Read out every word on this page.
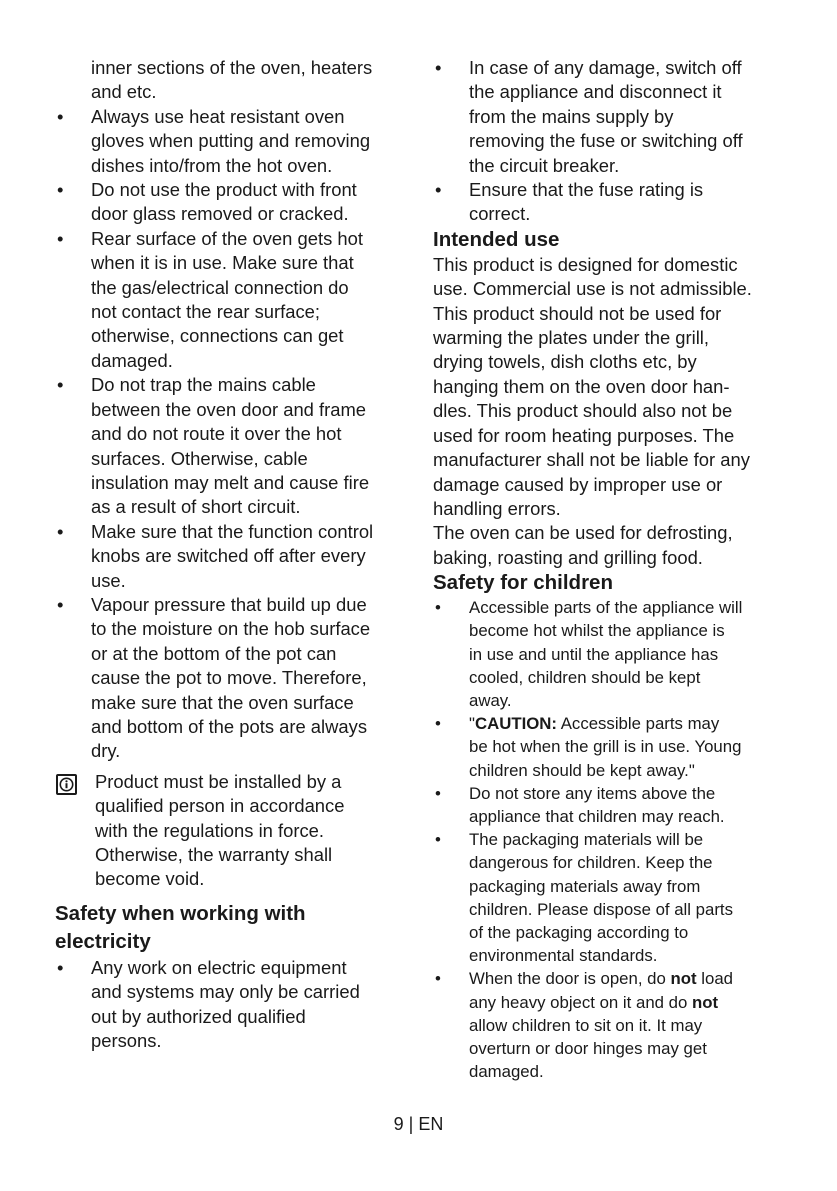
inner sections of the oven, heaters
and etc.

• Always use heat resistant oven
gloves when putting and removing
dishes into/from the hot oven.

• Do not use the product with front
door glass removed or cracked.

• Rear surface of the oven gets hot
when it is in use. Make sure that
the gas/electrical connection do
not contact the rear surface;
otherwise, connections can get
damaged.

• Do not trap the mains cable
between the oven door and frame
and do not route it over the hot
surfaces. Otherwise, cable
insulation may melt and cause fire
as a result of short circuit.

• Make sure that the function control
knobs are switched off after every
use.

• Vapour pressure that build up due
to the moisture on the hob surface
or at the bottom of the pot can
cause the pot to move. Therefore,
make sure that the oven surface
and bottom of the pots are always
dry.

Product must be installed by a
qualified person in accordance
with the regulations in force.
Otherwise, the warranty shall
become void.

Safety when working with
electricity

• Any work on electric equipment
and systems may only be carried
out by authorized qualified
persons.

• In case of any damage, switch off
the appliance and disconnect it
from the mains supply by
removing the fuse or switching off
the circuit breaker.

• Ensure that the fuse rating is
correct.

Intended use

This product is designed for domestic
use. Commercial use is not admissible.
This product should not be used for
warming the plates under the grill,
drying towels, dish cloths etc, by
hanging them on the oven door han-
dles. This product should also not be
used for room heating purposes. The
manufacturer shall not be liable for any
damage caused by improper use or
handling errors.
The oven can be used for defrosting,
baking, roasting and grilling food.

Safety for children

• Accessible parts of the appliance will
become hot whilst the appliance is
in use and until the appliance has
cooled, children should be kept
away.

• "CAUTION: Accessible parts may
be hot when the grill is in use. Young
children should be kept away."

• Do not store any items above the
appliance that children may reach.

• The packaging materials will be
dangerous for children. Keep the
packaging materials away from
children. Please dispose of all parts
of the packaging according to
environmental standards.

• When the door is open, do not load
any heavy object on it and do not
allow children to sit on it. It may
overturn or door hinges may get
damaged.

9 | EN
